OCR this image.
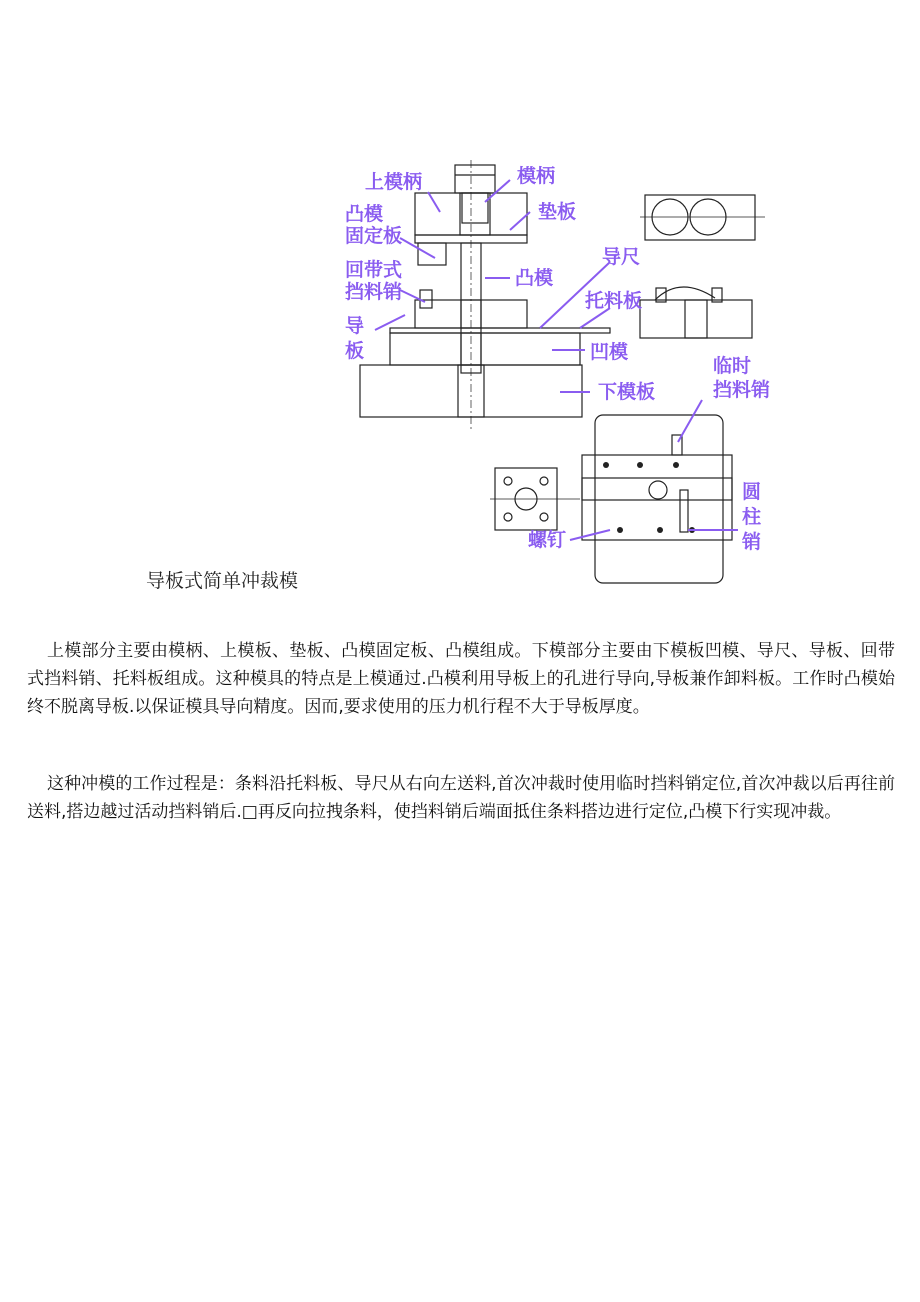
上模柄	模柄
凸模
固定板
垫板
导尺
回带式
挡料销
凸模
托料板
导
板	凹模
下模板
临时
挡料销
圆
柱
销
螺钉
导板式简单冲裁模

上模部分主要由模柄、上模板、垫板、凸模固定板、凸模组成。下模部分主要由下模板凹模、导尺、导板、回带式挡料销、托料板组成。这种模具的特点是上模通过.凸模利用导板上的孔进行导向,导板兼作卸料板。工作时凸模始终不脱离导板.以保证模具导向精度。因而,要求使用的压力机行程不大于导板厚度。

这种冲模的工作过程是：条料沿托料板、导尺从右向左送料,首次冲裁时使用临时挡料销定位,首次冲裁以后再往前送料,搭边越过活动挡料销后.□再反向拉拽条料，使挡料销后端面抵住条料搭边进行定位,凸模下行实现冲裁。
